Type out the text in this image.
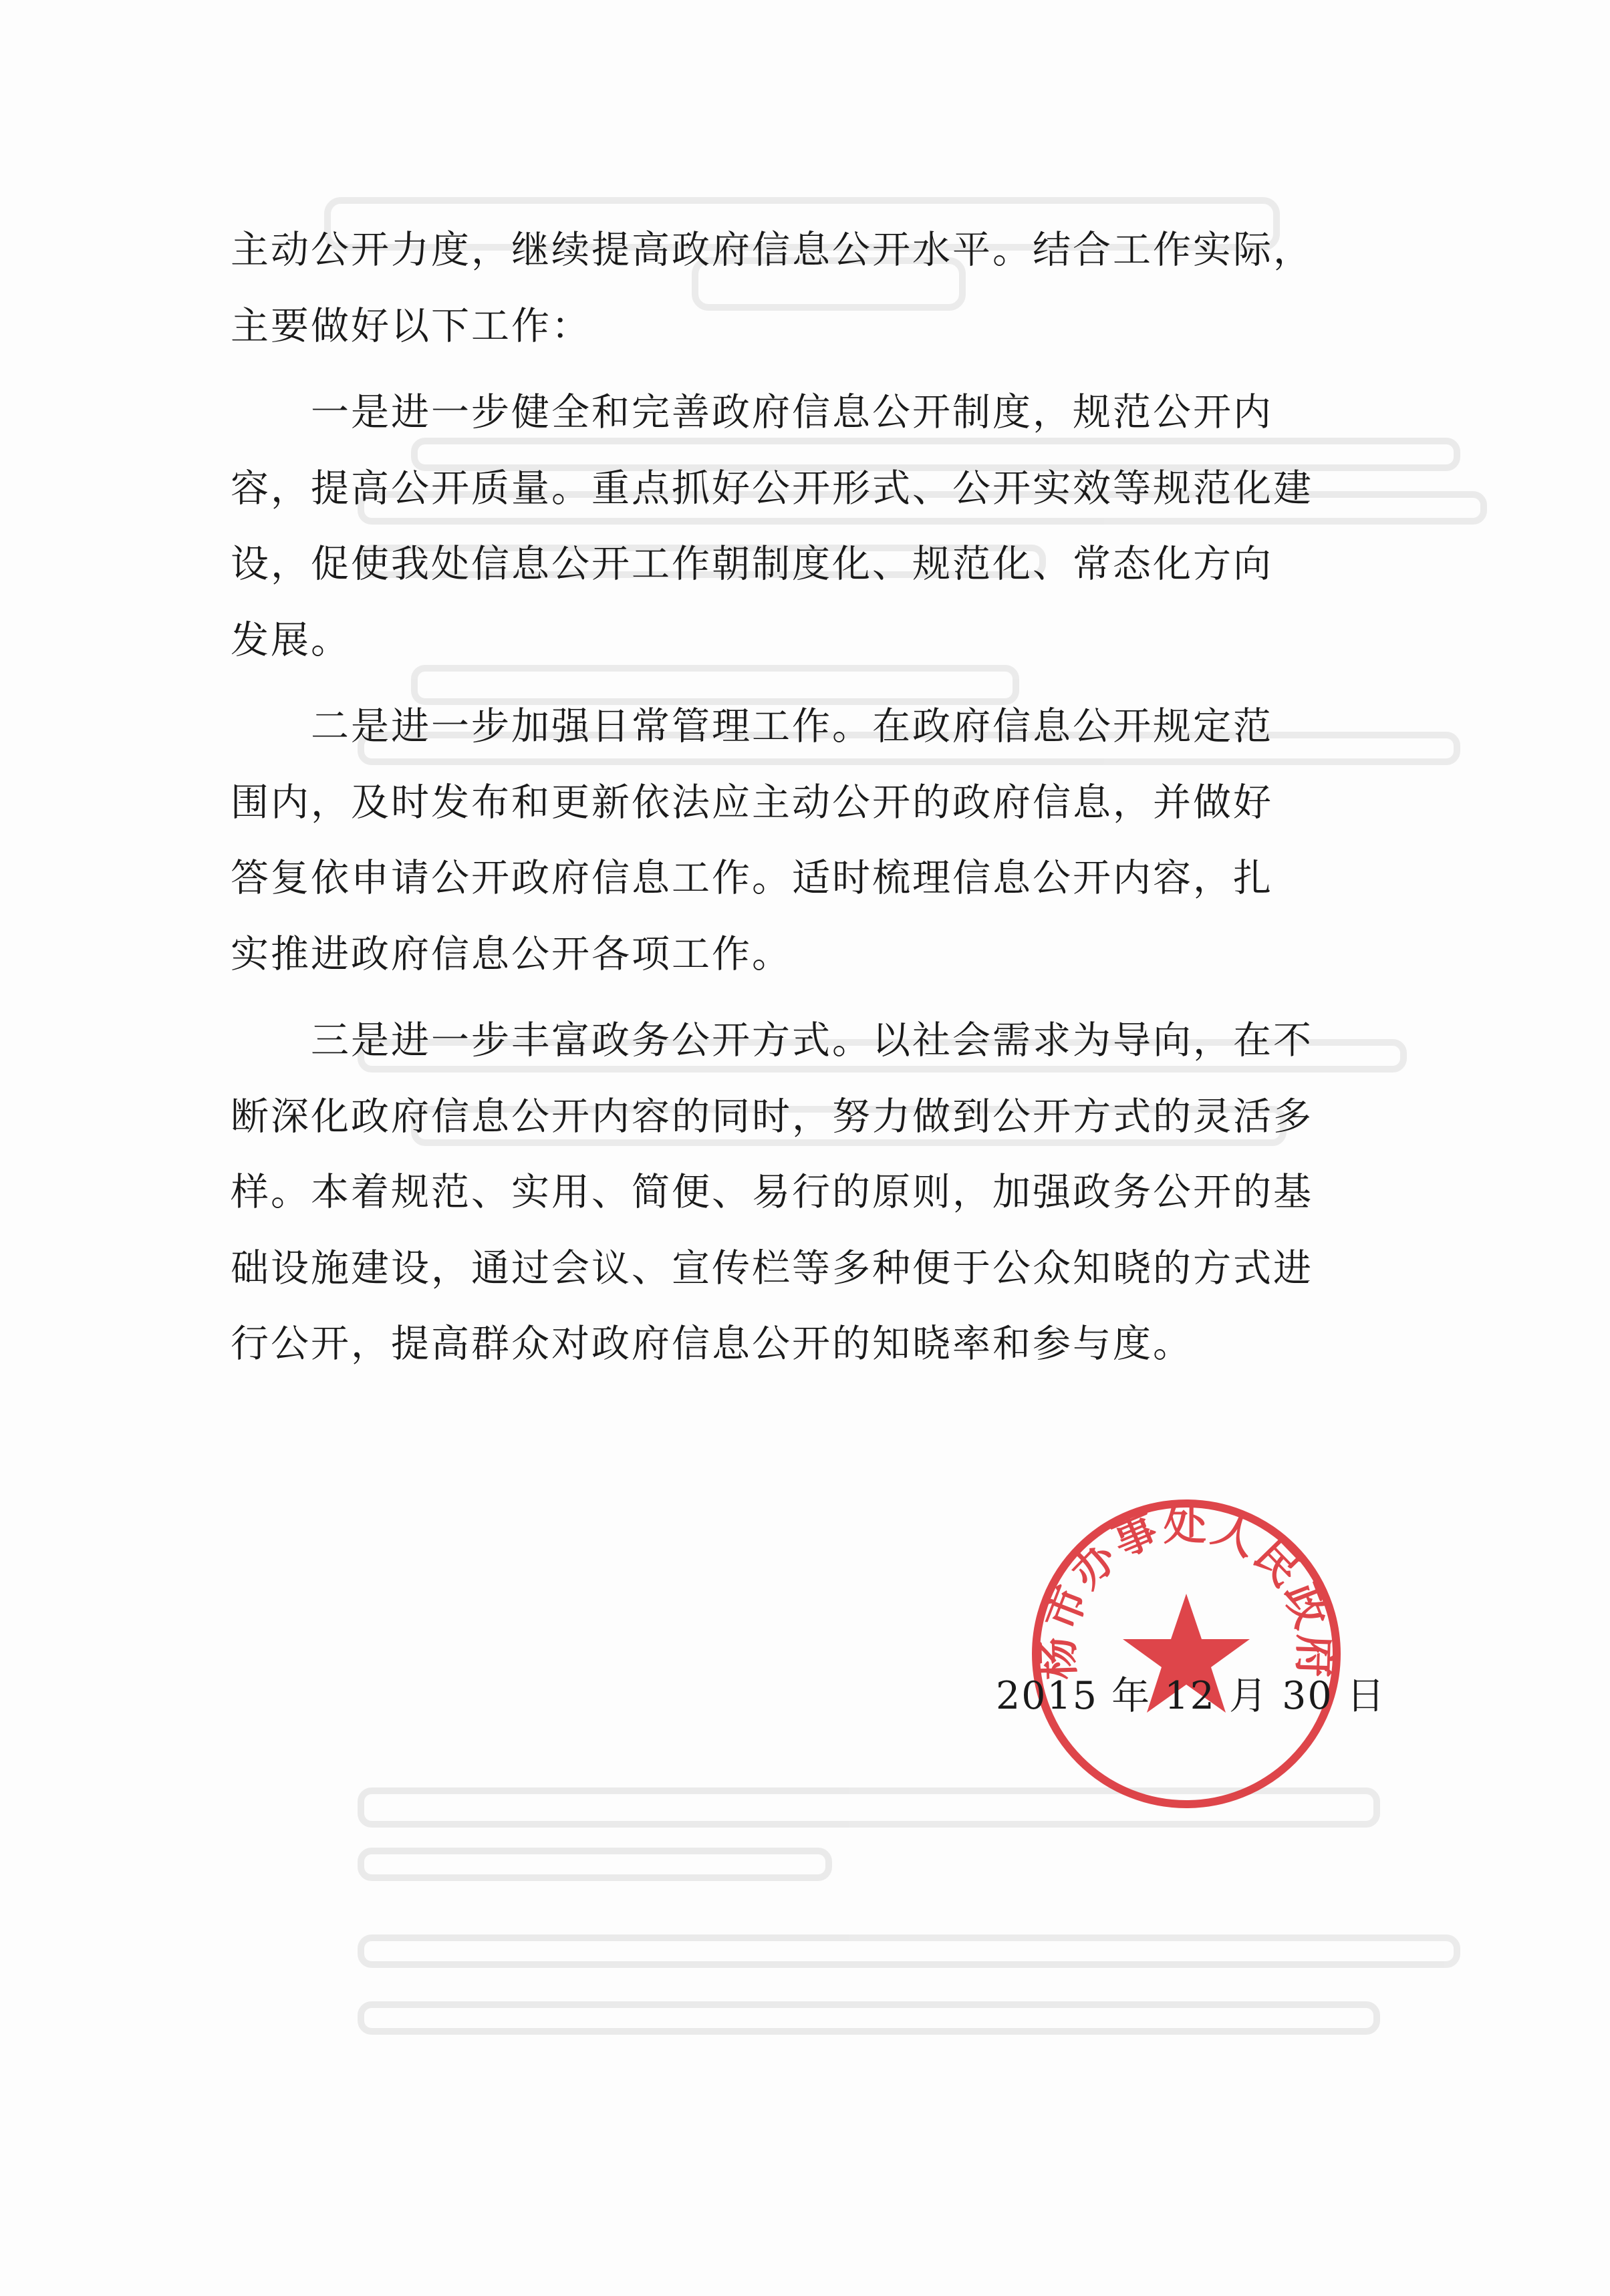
主动公开力度，继续提高政府信息公开水平。结合工作实际，
主要做好以下工作：
　　一是进一步健全和完善政府信息公开制度，规范公开内
容，提高公开质量。重点抓好公开形式、公开实效等规范化建
设，促使我处信息公开工作朝制度化、规范化、常态化方向
发展。
　　二是进一步加强日常管理工作。在政府信息公开规定范
围内，及时发布和更新依法应主动公开的政府信息，并做好
答复依申请公开政府信息工作。适时梳理信息公开内容，扎
实推进政府信息公开各项工作。
　　三是进一步丰富政务公开方式。以社会需求为导向，在不
断深化政府信息公开内容的同时，努力做到公开方式的灵活多
样。本着规范、实用、简便、易行的原则，加强政务公开的基
础设施建设，通过会议、宣传栏等多种便于公众知晓的方式进
行公开，提高群众对政府信息公开的知晓率和参与度。
杨市办事处人民政府
2015 年 12 月 30 日
